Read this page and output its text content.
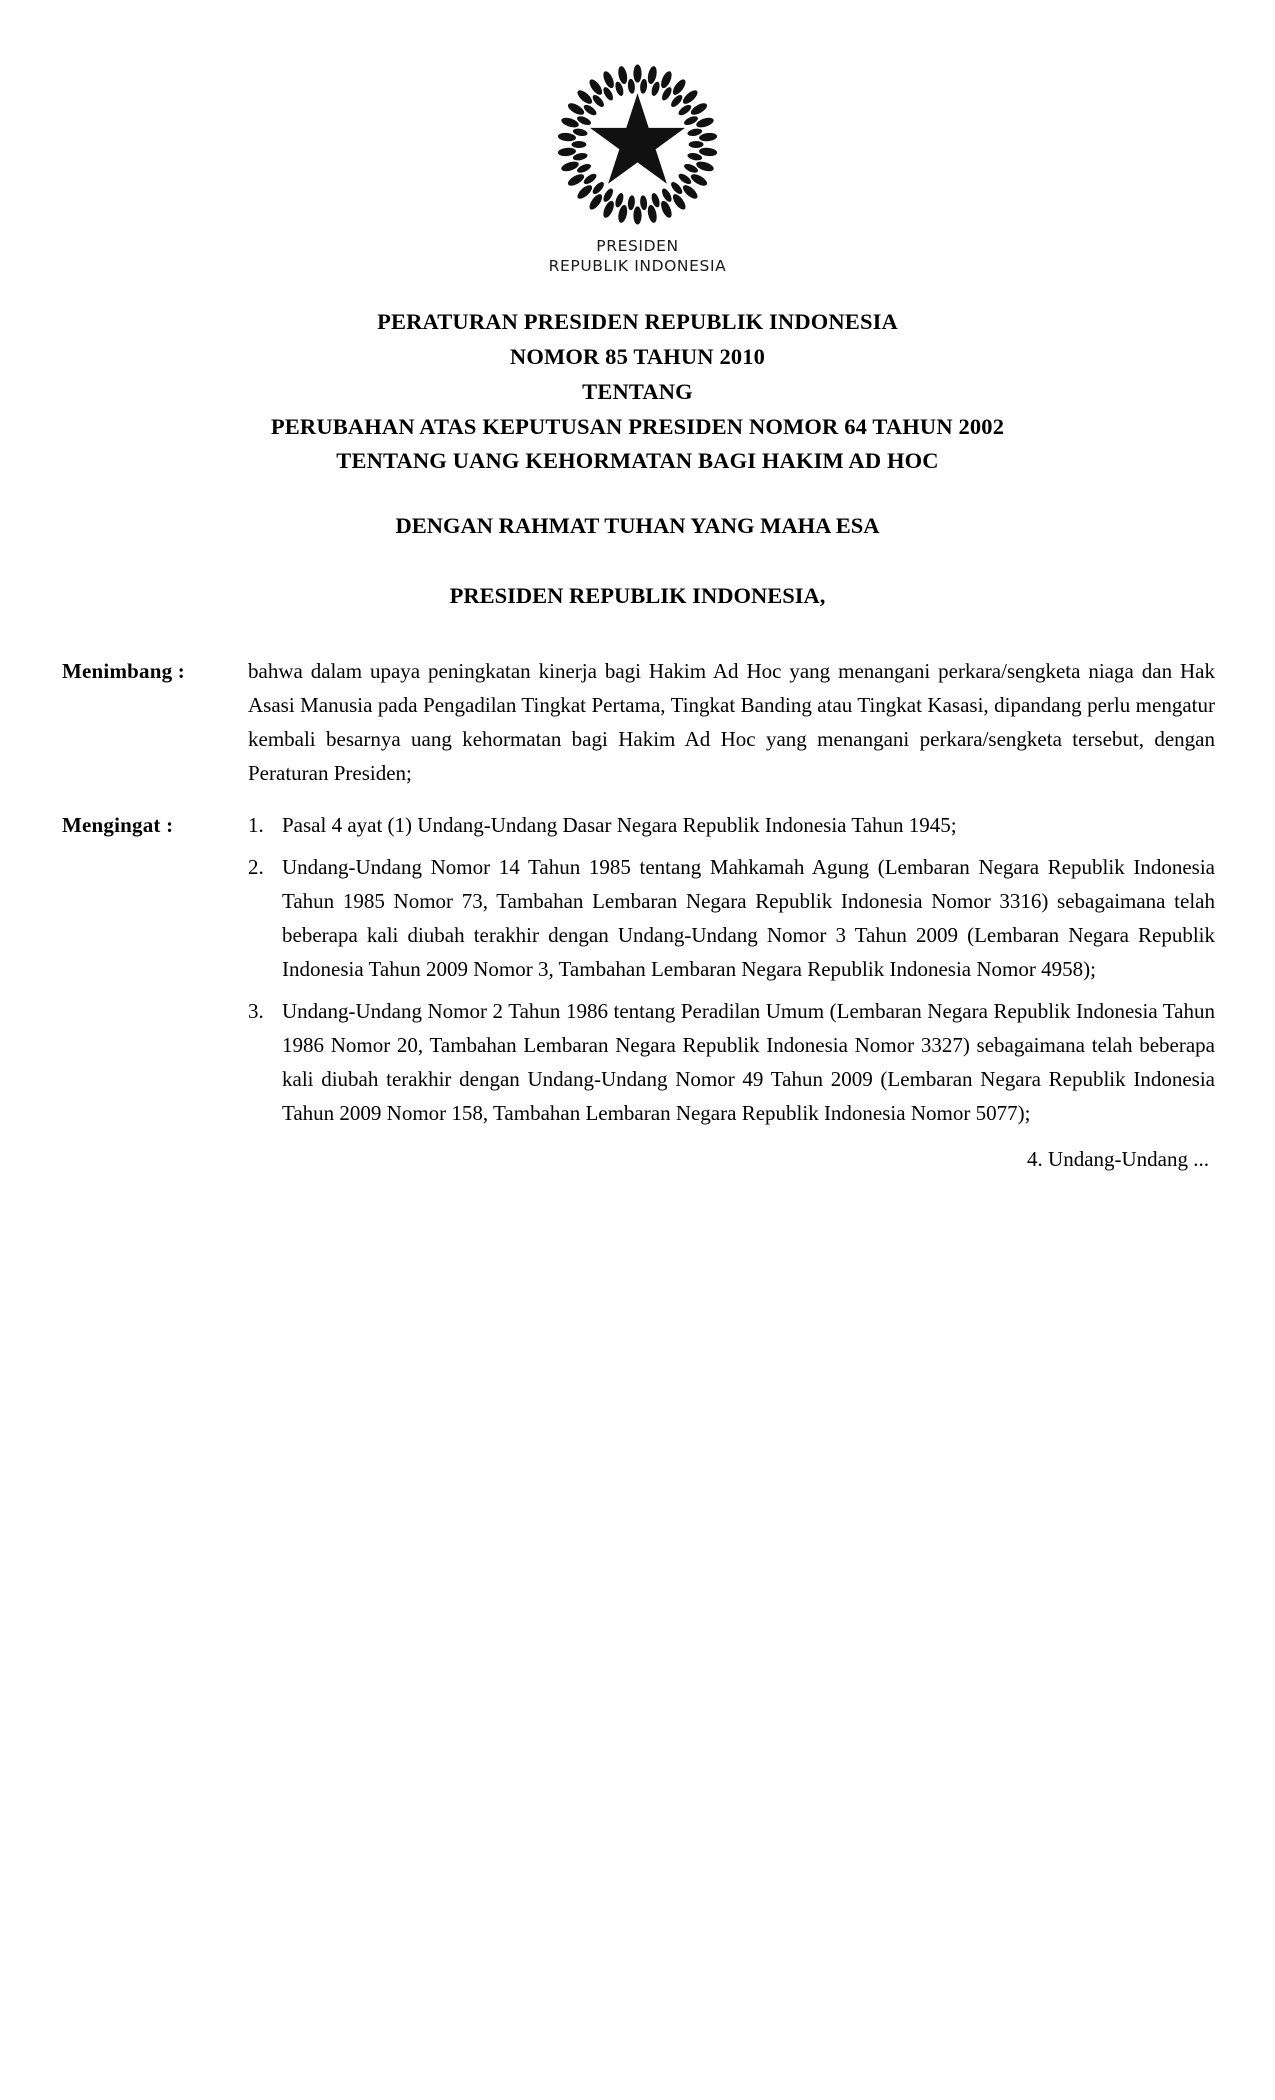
PRESIDEN
REPUBLIK INDONESIA
PERATURAN PRESIDEN REPUBLIK INDONESIA
NOMOR 85 TAHUN 2010
TENTANG
PERUBAHAN ATAS KEPUTUSAN PRESIDEN NOMOR 64 TAHUN 2002
TENTANG UANG KEHORMATAN BAGI HAKIM AD HOC
DENGAN RAHMAT TUHAN YANG MAHA ESA
PRESIDEN REPUBLIK INDONESIA,
Menimbang :	bahwa dalam upaya peningkatan kinerja bagi Hakim Ad Hoc yang menangani perkara/sengketa niaga dan Hak Asasi Manusia pada Pengadilan Tingkat Pertama, Tingkat Banding atau Tingkat Kasasi, dipandang perlu mengatur kembali besarnya uang kehormatan bagi Hakim Ad Hoc yang menangani perkara/sengketa tersebut, dengan Peraturan Presiden;

Mengingat :	1. Pasal 4 ayat (1) Undang-Undang Dasar Negara Republik Indonesia Tahun 1945;
2. Undang-Undang Nomor 14 Tahun 1985 tentang Mahkamah Agung (Lembaran Negara Republik Indonesia Tahun 1985 Nomor 73, Tambahan Lembaran Negara Republik Indonesia Nomor 3316) sebagaimana telah beberapa kali diubah terakhir dengan Undang-Undang Nomor 3 Tahun 2009 (Lembaran Negara Republik Indonesia Tahun 2009 Nomor 3, Tambahan Lembaran Negara Republik Indonesia Nomor 4958);
3. Undang-Undang Nomor 2 Tahun 1986 tentang Peradilan Umum (Lembaran Negara Republik Indonesia Tahun 1986 Nomor 20, Tambahan Lembaran Negara Republik Indonesia Nomor 3327) sebagaimana telah beberapa kali diubah terakhir dengan Undang-Undang Nomor 49 Tahun 2009 (Lembaran Negara Republik Indonesia Tahun 2009 Nomor 158, Tambahan Lembaran Negara Republik Indonesia Nomor 5077);
4. Undang-Undang ...
